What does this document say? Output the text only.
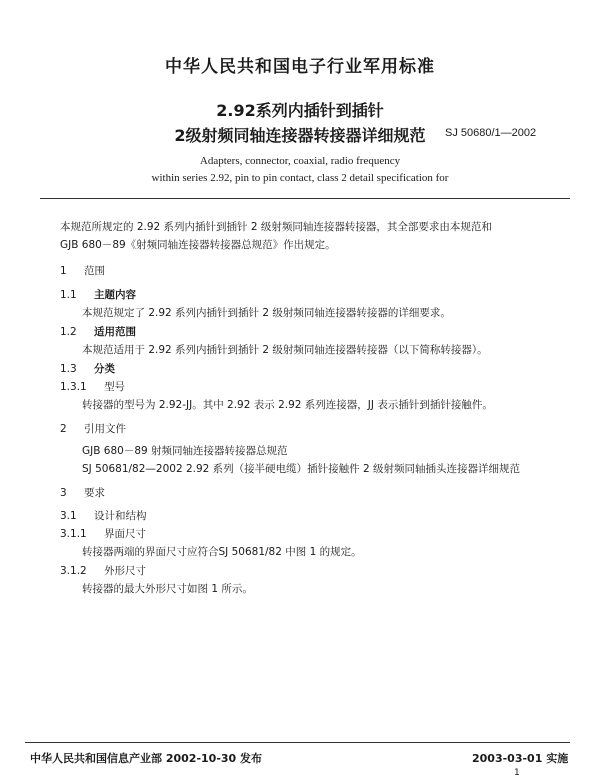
中华人民共和国电子行业军用标准
2.92系列内插针到插针
2级射频同轴连接器转接器详细规范	SJ 50680/1—2002
Adapters, connector, coaxial, radio frequency
within series 2.92, pin to pin contact, class 2 detail specification for
本规范所规定的 2.92 系列内插针到插针 2 级射频同轴连接器转接器，其全部要求由本规范和
GJB 680－89《射频同轴连接器转接器总规范》作出规定。
1 范围
1.1 主题内容
本规范规定了 2.92 系列内插针到插针 2 级射频同轴连接器转接器的详细要求。
1.2 适用范围
本规范适用于 2.92 系列内插针到插针 2 级射频同轴连接器转接器（以下简称转接器）。
1.3 分类
1.3.1 型号
转接器的型号为 2.92-JJ。其中 2.92 表示 2.92 系列连接器，JJ 表示插针到插针接触件。
2 引用文件
GJB 680－89 射频同轴连接器转接器总规范
SJ 50681/82—2002 2.92 系列（接半硬电缆）插针接触件 2 级射频同轴插头连接器详细规范
3 要求
3.1 设计和结构
3.1.1 界面尺寸
转接器两端的界面尺寸应符合SJ 50681/82 中图 1 的规定。
3.1.2 外形尺寸
转接器的最大外形尺寸如图 1 所示。
中华人民共和国信息产业部 2002-10-30 发布	2003-03-01 实施
1
